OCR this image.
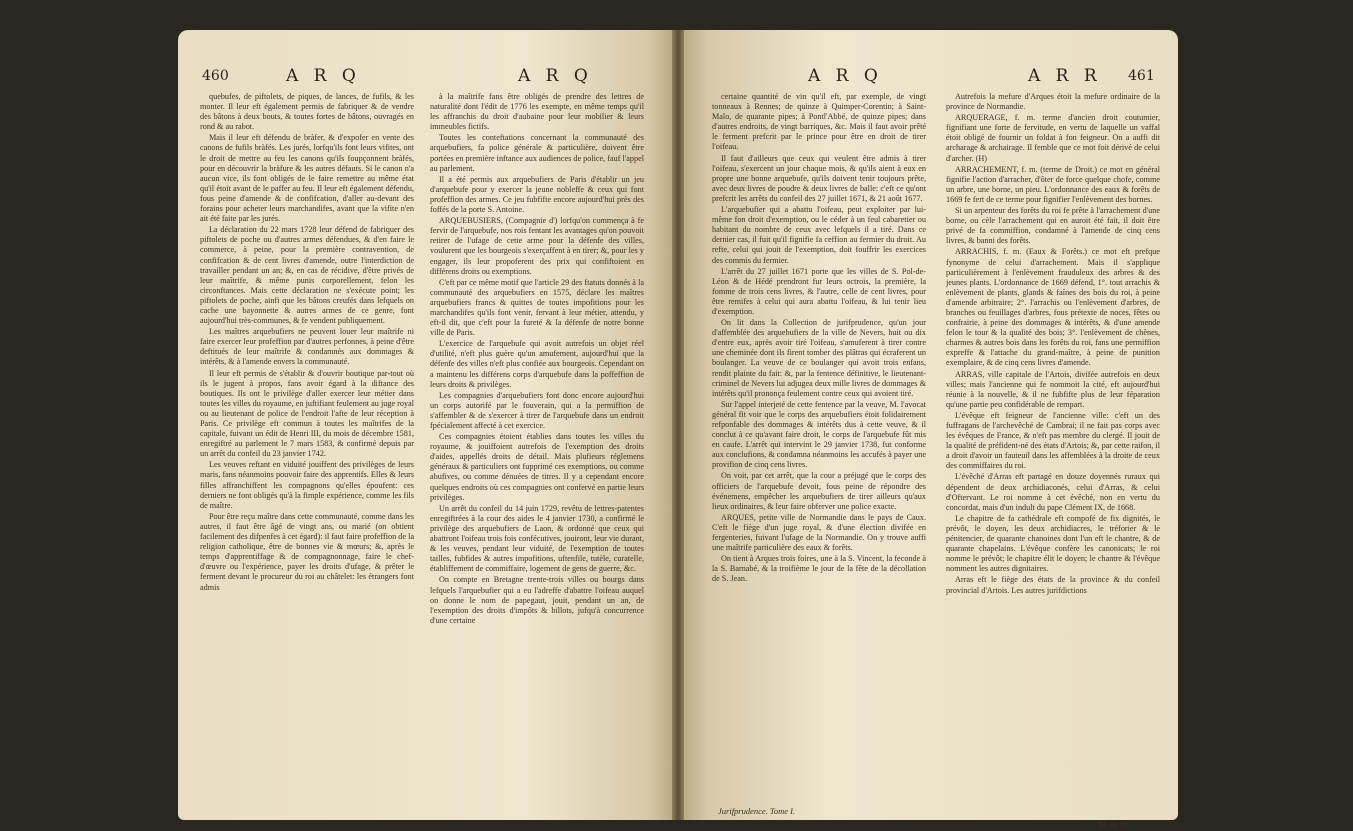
460	A R Q	A R Q

quebufes, de piftolets, de piques, de lances, de fufils, & les monter. Il leur eft également permis de fabriquer & de vendre des bâtons à deux bouts, & toutes fortes de bâtons, ouvragés en rond & au rabot.

Mais il leur eft défendu de bràfer, & d'expofer en vente des canons de fufils bràfés. Les jurés, lorfqu'ils font leurs vifites, ont le droit de mettre au feu les canons qu'ils foupçonnent bràfés, pour en découvrir la bràfure & les autres défauts. Si le canon n'a aucun vice, ils font obligés de le faire remettre au même état qu'il étoit avant de le paffer au feu. Il leur eft également défendu, fous peine d'amende & de confifcation, d'aller au-devant des forains pour acheter leurs marchandifes, avant que la vifite n'en ait été faite par les jurés.

La déclaration du 22 mars 1728 leur défend de fabriquer des piftolets de poche ou d'autres armes défendues, & d'en faire le commerce, à peine, pour la première contravention, de confifcation & de cent livres d'amende, outre l'interdiction de travailler pendant un an; &, en cas de récidive, d'être privés de leur maîtrife, & même punis corporellement, felon les circonftances. Mais cette déclaration ne s'exécute point; les piftolets de poche, ainfi que les bâtons creufés dans lefquels on cache une bayonnette & autres armes de ce genre, font aujourd'hui très-communes, & fe vendent publiquement.

Les maîtres arquebufiers ne peuvent louer leur maîtrife ni faire exercer leur profeffion par d'autres perfonnes, à peine d'être deftitués de leur maîtrife & condamnés aux dommages & intérêts, & à l'amende envers la communauté.

Il leur eft permis de s'établir & d'ouvrir boutique par-tout où ils le jugent à propos, fans avoir égard à la diftance des boutiques. Ils ont le privilège d'aller exercer leur métier dans toutes les villes du royaume, en juftifiant feulement au juge royal ou au lieutenant de police de l'endroit l'afte de leur réception à Paris. Ce privilège eft commun à toutes les maîtrifes de la capitale, fuivant un édit de Henri III, du mois de décembre 1581, enregiftré au parlement le 7 mars 1583, & confirmé depuis par un arrêt du confeil du 23 janvier 1742.

Les veuves reftant en viduité jouiffent des privilèges de leurs maris, fans néanmoins pouvoir faire des apprentifs. Elles & leurs filles affranchiffent les compagnons qu'elles époufent: ces derniers ne font obligés qu'à la fimple expérience, comme les fils de maître.

Pour être reçu maître dans cette communauté, comme dans les autres, il faut être âgé de vingt ans, ou marié (on obtient facilement des difpenfes à cet égard): il faut faire profeffion de la religion catholique, être de bonnes vie & mœurs; &, après le temps d'apprentiffage & de compagnonnage, faire le chef-d'œuvre ou l'expérience, payer les droits d'ufage, & prêter le ferment devant le procureur du roi au châtelet: les étrangers font admis

à la maîtrife fans être obligés de prendre des lettres de naturalité dont l'édit de 1776 les exempte, en même temps qu'il les affranchis du droit d'aubaine pour leur mobilier & leurs immeubles fictifs.

Toutes les conteftations concernant la communauté des arquebufiers, fa police générale & particulière, doivent être portées en première inftance aux audiences de police, fauf l'appel au parlement.

Il a été permis aux arquebufiers de Paris d'établir un jeu d'arquebufe pour y exercer la jeune nobleffe & ceux qui font profeffion des armes. Ce jeu fubfifte encore aujourd'hui près des foffés de la porte S. Antoine.

ARQUEBUSIERS, (Compagnie d') lorfqu'on commença à fe fervir de l'arquebufe, nos rois fentant les avantages qu'on pouvoit retirer de l'ufage de cette arme pour la défenfe des villes, voulurent que les bourgeois s'exerçaffent à en tirer; &, pour les y engager, ils leur propoferent des prix qui confiftoient en différens droits ou exemptions.

C'eft par ce même motif que l'article 29 des ftatuts donnés à la communauté des arquebufiers en 1575, déclare les maîtres arquebufiers francs & quittes de toutes impofitions pour les marchandifes qu'ils font venir, fervant à leur métier, attendu, y eft-il dit, que c'eft pour la fureté & la défenfe de notre bonne ville de Paris.

L'exercice de l'arquebufe qui avoit autrefois un objet réel d'utilité, n'eft plus guère qu'un amufement, aujourd'hui que la défenfe des villes n'eft plus confiée aux bourgeois. Cependant on a maintenu les différens corps d'arquebufe dans la poffeffion de leurs droits & privilèges.

Les compagnies d'arquebufiers font donc encore aujourd'hui un corps autorifé par le fouverain, qui a la permiffion de s'affembler & de s'exercer à tirer de l'arquebufe dans un endroit fpécialement affecté à cet exercice.

Ces compagnies étoient établies dans toutes les villes du royaume, & jouiffoient autrefois de l'exemption des droits d'aides, appellés droits de détail. Mais plufieurs réglemens généraux & particuliers ont fupprimé ces exemptions, ou comme abufives, ou comme dénuées de titres. Il y a cependant encore quelques endroits où ces compagnies ont confervé en partie leurs privilèges.

Un arrêt du confeil du 14 juin 1729, revêtu de lettres-patentes enregiftrées à la cour des aides le 4 janvier 1730, a confirmé le privilège des arquebufiers de Laon, & ordonné que ceux qui abattront l'oifeau trois fois confécutives, jouiront, leur vie durant, & les veuves, pendant leur viduité, de l'exemption de toutes tailles, fubfides & autres impofitions, uftenfile, tutèle, curatelle, établiffement de commiffaire, logement de gens de guerre, &c.

On compte en Bretagne trente-trois villes ou bourgs dans lefquels l'arquebufier qui a eu l'adreffe d'abattre l'oifeau auquel on donne le nom de papegaut, jouit, pendant un an, de l'exemption des droits d'impôts & billots, jufqu'à concurrence d'une certaine

A R Q	A R R 461

certaine quantité de vin qu'il eft, par exemple, de vingt tonneaux à Rennes; de quinze à Quimper-Corentin; à Saint-Malo, de quarante pipes; à Pontl'Abbé, de quinze pipes; dans d'autres endroits, de vingt barriques, &c. Mais il faut avoir prêté le ferment prefcrit par le prince pour être en droit de tirer l'oifeau.

Il faut d'ailleurs que ceux qui veulent être admis à tirer l'oifeau, s'exercent un jour chaque mois, & qu'ils aient à eux en propre une bonne arquebufe, qu'ils doivent tenir toujours prête, avec deux livres de poudre & deux livres de balle: c'eft ce qu'ont prefcrit les arrêts du confeil des 27 juillet 1671, & 21 août 1677.

L'arquebufier qui a abattu l'oifeau, peut exploiter par lui-même fon droit d'exemption, ou le céder à un feul cabaretier ou habitant du nombre de ceux avec lefquels il a tiré. Dans ce dernier cas, il fuit qu'il fignifie fa ceffion au fermier du droit. Au refte, celui qui jouit de l'exemption, doit fouffrir les exercices des commis du fermier.

L'arrêt du 27 juillet 1671 porte que les villes de S. Pol-de-Léon & de Hédé prendront fur leurs octrois, la première, la fomme de trois cens livres, & l'autre, celle de cent livres, pour être remifes à celui qui aura abattu l'oifeau, & lui tenir lieu d'exemption.

On lit dans la Collection de jurifprudence, qu'un jour d'affemblée des arquebufiers de la ville de Nevers, huit ou dix d'entre eux, après avoir tiré l'oifeau, s'amuferent à tirer contre une cheminée dont ils firent tomber des plâtras qui écraferent un boulanger. La veuve de ce boulanger qui avoit trois enfans, rendit plainte du fait: &, par la fentence définitive, le lieutenant-criminel de Nevers lui adjugea deux mille livres de dommages & intérêts qu'il prononça feulement contre ceux qui avoient tiré.

Sur l'appel interjeté de cette fentence par la veuve, M. l'avocat général fit voir que le corps des arquebufiers étoit folidairement refponfable des dommages & intérêts dus à cette veuve, & il conclut à ce qu'avant faire droit, le corps de l'arquebufe fût mis en caufe. L'arrêt qui intervint le 29 janvier 1738, fut conforme aux conclufions, & condamna néanmoins les accufés à payer une provifion de cinq cens livres.

On voit, par cet arrêt, que la cour a préjugé que le corps des officiers de l'arquebufe devoit, fous peine de répondre des événemens, empêcher les arquebufiers de tirer ailleurs qu'aux lieux ordinaires, & leur faire obferver une police exacte.

ARQUES, petite ville de Normandie dans le pays de Caux. C'eft le fiège d'un juge royal, & d'une élection divifée en fergenteries, fuivant l'ufage de la Normandie. On y trouve auffi une maîtrife particulière des eaux & forêts.

On tient à Arques trois foires, une à la S. Vincent, la feconde à la S. Barnabé, & la troifième le jour de la fête de la décollation de S. Jean.

Autrefois la mefure d'Arques étoit la mefure ordinaire de la province de Normandie.

ARQUERAGE, f. m. terme d'ancien droit coutumier, fignifiant une forte de fervitude, en vertu de laquelle un vaffal étoit obligé de fournir un foldat à fon feigneur. On a auffi dit archarage & archairage. Il femble que ce mot foit dérivé de celui d'archer. (H)

ARRACHEMENT, f. m. (terme de Droit.) ce mot en général fignifie l'action d'arracher, d'ôter de force quelque chofe, comme un arbre, une borne, un pieu. L'ordonnance des eaux & forêts de 1669 fe fert de ce terme pour fignifier l'enlèvement des bornes.

Si un arpenteur des forêts du roi fe prête à l'arrachement d'une borne, ou cèle l'arrachement qui en auroit été fait, il doit être privé de fa commiffion, condamné à l'amende de cinq cens livres, & banni des forêts.

ARRACHIS, f. m. (Eaux & Forêts.) ce mot eft prefque fynonyme de celui d'arrachement. Mais il s'applique particulièrement à l'enlèvement frauduleux des arbres & des jeunes plants. L'ordonnance de 1669 défend, 1°. tout arrachis & enlèvement de plants, glands & faînes des bois du roi, à peine d'amende arbitraire; 2°. l'arrachis ou l'enlèvement d'arbres, de branches ou feuillages d'arbres, fous prétexte de noces, fêtes ou confrairie, à peine des dommages & intérêts, & d'une amende felon le tour & la qualité des bois; 3°. l'enlèvement de chênes, charmes & autres bois dans les forêts du roi, fans une permiffion expreffe & l'attache du grand-maître, à peine de punition exemplaire, & de cinq cens livres d'amende.

ARRAS, ville capitale de l'Artois, divifée autrefois en deux villes; mais l'ancienne qui fe nommoit la cité, eft aujourd'hui réunie à la nouvelle, & il ne fubfifte plus de leur féparation qu'une partie peu confidérable de rempart.

L'évêque eft feigneur de l'ancienne ville: c'eft un des fuffragans de l'archevêché de Cambrai; il ne fait pas corps avec les évêques de France, & n'eft pas membre du clergé. Il jouit de la qualité de préfident-né des états d'Artois; &, par cette raifon, il a droit d'avoir un fauteuil dans les affemblées à la droite de ceux des commiffaires du roi.

L'évêché d'Arras eft partagé en douze doyennés ruraux qui dépendent de deux archidiaconés, celui d'Arras, & celui d'Oftervant. Le roi nomme à cet évêché, non en vertu du concordat, mais d'un indult du pape Clément IX, de 1668.

Le chapitre de fa cathédrale eft compofé de fix dignités, le prévôt, le doyen, les deux archidiacres, le tréforier & le pénitencier, de quarante chanoines dont l'un eft le chantre, & de quarante chapelains. L'évêque confère les canonicats; le roi nomme le prévôt; le chapitre élit le doyen; le chantre & l'évêque nomment les autres dignitaires.

Arras eft le fiège des états de la province & du confeil provincial d'Artois. Les autres jurifdictions

Jurifprudence. Tome I.
M m m
